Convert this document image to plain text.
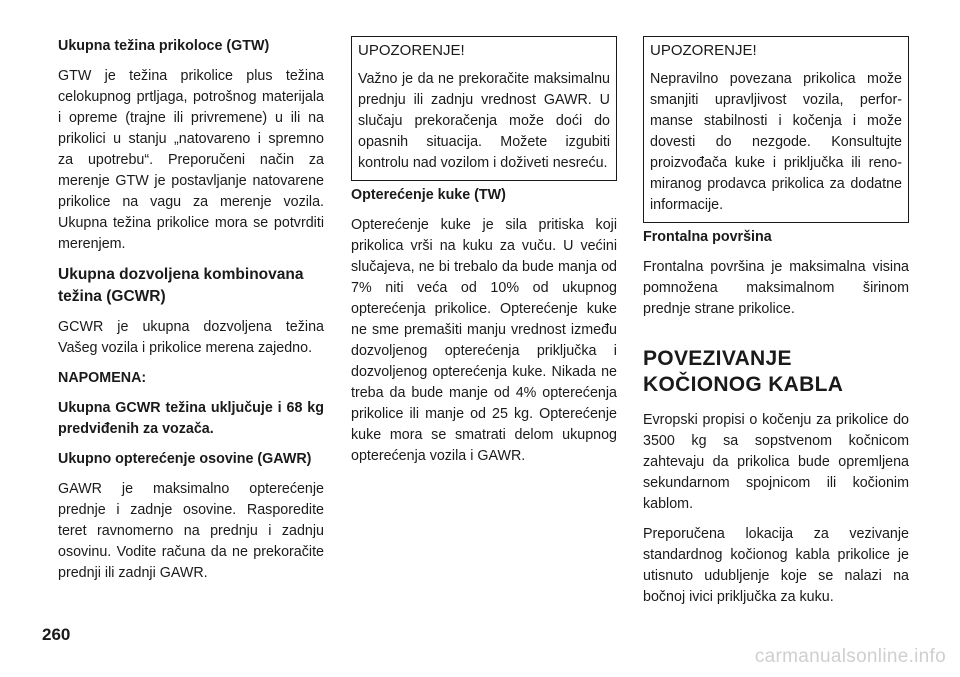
Ukupna težina prikoloce (GTW)

GTW je težina prikolice plus težina celokupnog prtljaga, potrošnog materijala i opreme (trajne ili privremene) u ili na prikolici u stanju „natovareno i spremno za upotrebu“. Preporučeni način za merenje GTW je postavljanje natovarene prikolice na vagu za merenje vozila. Ukupna težina prikolice mora se potvrditi merenjem.

Ukupna dozvoljena kombinovana težina (GCWR)

GCWR je ukupna dozvoljena težina Vašeg vozila i prikolice merena zajedno.

NAPOMENA:

Ukupna GCWR težina uključuje i 68 kg predviđenih za vozača.

Ukupno opterećenje osovine (GAWR)

GAWR je maksimalno opterećenje prednje i zadnje osovine. Rasporedite teret ravnomerno na prednju i zadnju osovinu. Vodite računa da ne prekoračite prednji ili zadnji GAWR.

UPOZORENJE!

Važno je da ne prekoračite maksimalnu prednju ili zadnju vrednost GAWR. U slučaju prekoračenja može doći do opasnih situacija. Možete izgubiti kontrolu nad vozilom i doživeti nesreću.

Opterećenje kuke (TW)

Opterećenje kuke je sila pritiska koji prikolica vrši na kuku za vuču. U većini slučajeva, ne bi trebalo da bude manja od 7% niti veća od 10% od ukupnog opterećenja prikolice. Opterećenje kuke ne sme premašiti manju vrednost između dozvoljenog opterećenja priključka i dozvoljenog opterećenja kuke. Nikada ne treba da bude manje od 4% opterećenja prikolice ili manje od 25 kg. Opterećenje kuke mora se smatrati delom ukupnog opterećenja vozila i GAWR.

UPOZORENJE!

Nepravilno povezana prikolica može smanjiti upravljivost vozila, performanse stabilnosti i kočenja i može dovesti do nezgode. Konsultujte proizvođača kuke i priključka ili renomiranog prodavca prikolica za dodatne informacije.

Frontalna površina

Frontalna površina je maksimalna visina pomnožena maksimalnom širinom prednje strane prikolice.

POVEZIVANJE
KOČIONOG KABLA

Evropski propisi o kočenju za prikolice do 3500 kg sa sopstvenom kočnicom zahtevaju da prikolica bude opremljena sekundarnom spojnicom ili kočionim kablom.

Preporučena lokacija za vezivanje standardnog kočionog kabla prikolice je utisnuto udubljenje koje se nalazi na bočnoj ivici priključka za kuku.

260
carmanualsonline.info
